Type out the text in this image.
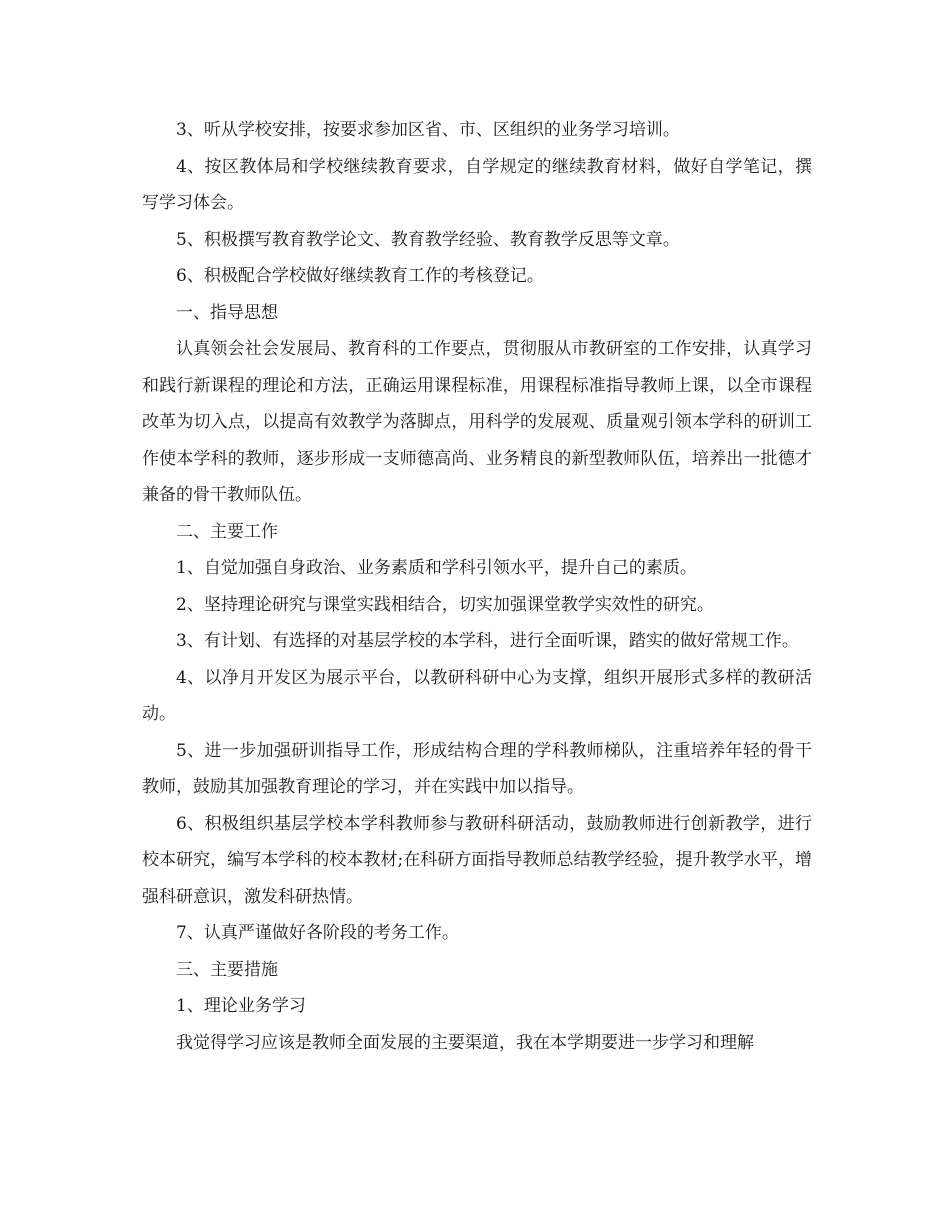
3、听从学校安排，按要求参加区省、市、区组织的业务学习培训。

4、按区教体局和学校继续教育要求，自学规定的继续教育材料，做好自学笔记，撰写学习体会。

5、积极撰写教育教学论文、教育教学经验、教育教学反思等文章。

6、积极配合学校做好继续教育工作的考核登记。

一、指导思想

认真领会社会发展局、教育科的工作要点，贯彻服从市教研室的工作安排，认真学习和践行新课程的理论和方法，正确运用课程标准，用课程标准指导教师上课，以全市课程改革为切入点，以提高有效教学为落脚点，用科学的发展观、质量观引领本学科的研训工作使本学科的教师，逐步形成一支师德高尚、业务精良的新型教师队伍，培养出一批德才兼备的骨干教师队伍。

二、主要工作

1、自觉加强自身政治、业务素质和学科引领水平，提升自己的素质。

2、坚持理论研究与课堂实践相结合，切实加强课堂教学实效性的研究。

3、有计划、有选择的对基层学校的本学科，进行全面听课，踏实的做好常规工作。

4、以净月开发区为展示平台，以教研科研中心为支撑，组织开展形式多样的教研活动。

5、进一步加强研训指导工作，形成结构合理的学科教师梯队，注重培养年轻的骨干教师，鼓励其加强教育理论的学习，并在实践中加以指导。

6、积极组织基层学校本学科教师参与教研科研活动，鼓励教师进行创新教学，进行校本研究，编写本学科的校本教材;在科研方面指导教师总结教学经验，提升教学水平，增强科研意识，激发科研热情。

7、认真严谨做好各阶段的考务工作。

三、主要措施

1、理论业务学习

我觉得学习应该是教师全面发展的主要渠道，我在本学期要进一步学习和理解
